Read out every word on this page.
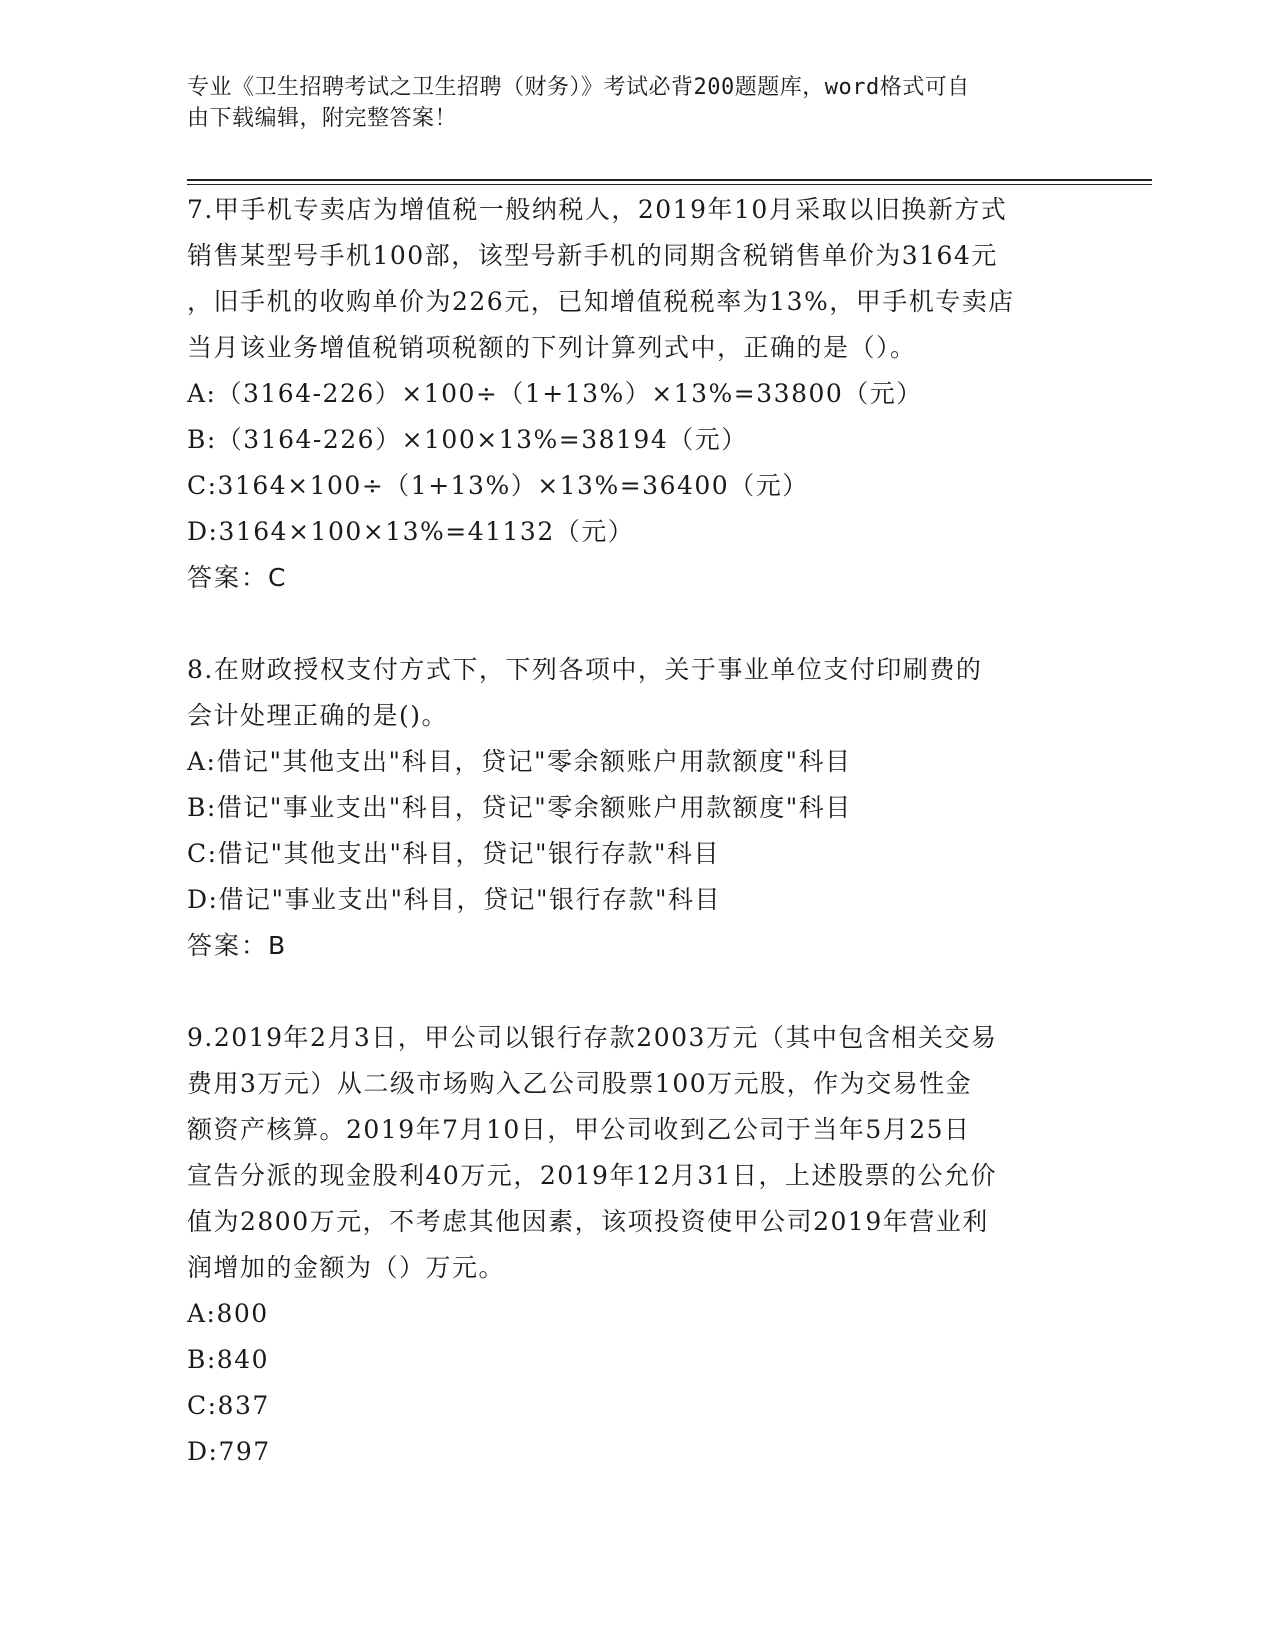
专业《卫生招聘考试之卫生招聘（财务）》考试必背200题题库，word格式可自
由下载编辑，附完整答案！
7.甲手机专卖店为增值税一般纳税人，2019年10月采取以旧换新方式
销售某型号手机100部，该型号新手机的同期含税销售单价为3164元
，旧手机的收购单价为226元，已知增值税税率为13%，甲手机专卖店
当月该业务增值税销项税额的下列计算列式中，正确的是（）。
A:（3164-226）×100÷（1+13%）×13%=33800（元）
B:（3164-226）×100×13%=38194（元）
C:3164×100÷（1+13%）×13%=36400（元）
D:3164×100×13%=41132（元）
答案：C
8.在财政授权支付方式下，下列各项中，关于事业单位支付印刷费的
会计处理正确的是()。
A:借记"其他支出"科目，贷记"零余额账户用款额度"科目
B:借记"事业支出"科目，贷记"零余额账户用款额度"科目
C:借记"其他支出"科目，贷记"银行存款"科目
D:借记"事业支出"科目，贷记"银行存款"科目
答案：B
9.2019年2月3日，甲公司以银行存款2003万元（其中包含相关交易
费用3万元）从二级市场购入乙公司股票100万元股，作为交易性金
额资产核算。2019年7月10日，甲公司收到乙公司于当年5月25日
宣告分派的现金股利40万元，2019年12月31日，上述股票的公允价
值为2800万元，不考虑其他因素，该项投资使甲公司2019年营业利
润增加的金额为（）万元。
A:800
B:840
C:837
D:797
